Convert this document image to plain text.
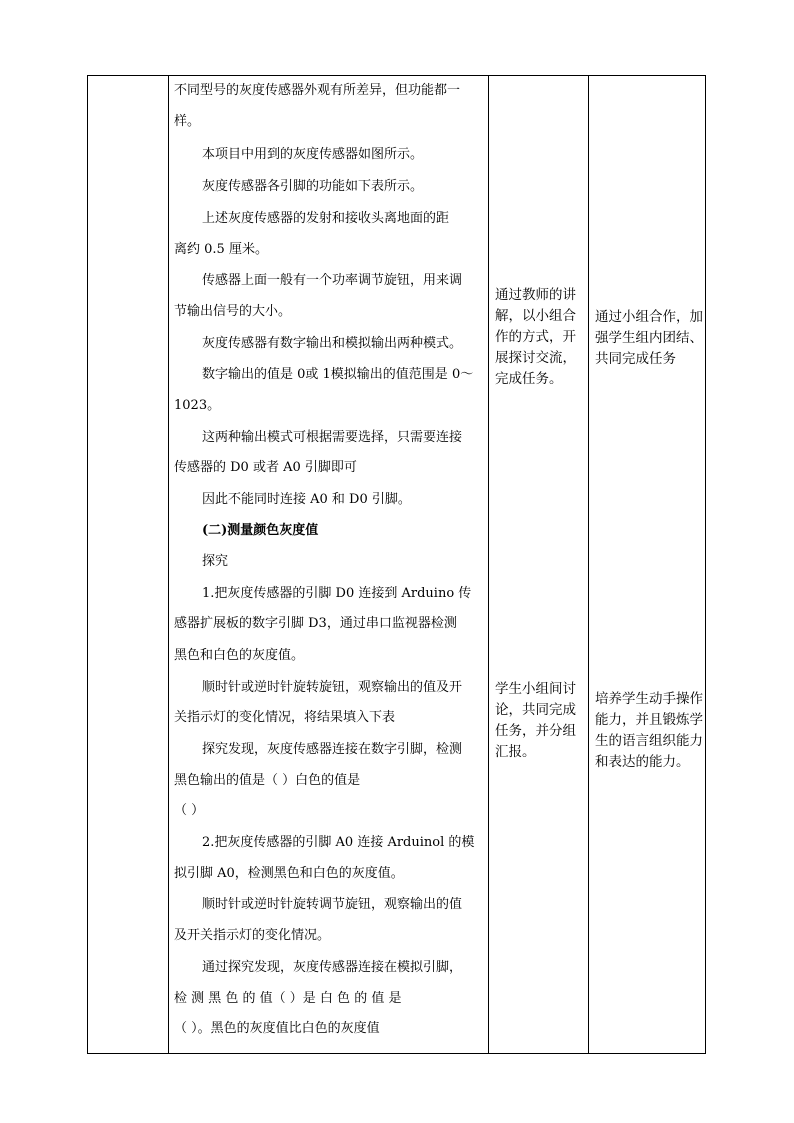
不同型号的灰度传感器外观有所差异，但功能都一
样。
本项目中用到的灰度传感器如图所示。
灰度传感器各引脚的功能如下表所示。
上述灰度传感器的发射和接收头离地面的距
离约 0.5 厘米。
传感器上面一般有一个功率调节旋钮，用来调
节输出信号的大小。
灰度传感器有数字输出和模拟输出两种模式。
数字输出的值是 0或 1模拟输出的值范围是 0～
1023。
这两种输出模式可根据需要选择，只需要连接
传感器的 D0 或者 A0 引脚即可
因此不能同时连接 A0 和 D0 引脚。
(二)测量颜色灰度值
探究
1.把灰度传感器的引脚 D0 连接到 Arduino 传
感器扩展板的数字引脚 D3，通过串口监视器检测
黑色和白色的灰度值。
顺时针或逆时针旋转旋钮，观察输出的值及开
关指示灯的变化情况，将结果填入下表
探究发现，灰度传感器连接在数字引脚，检测
黑色输出的值是（ ）白色的值是
（ ）
2.把灰度传感器的引脚 A0 连接 Arduinol 的模
拟引脚 A0，检测黑色和白色的灰度值。
顺时针或逆时针旋转调节旋钮，观察输出的值
及开关指示灯的变化情况。
通过探究发现，灰度传感器连接在模拟引脚，
检 测 黑 色 的 值（ ）是 白 色 的 值 是
（ ）。黑色的灰度值比白色的灰度值
通过教师的讲解，以小组合作的方式，开展探讨交流，完成任务。
学生小组间讨论，共同完成任务，并分组汇报。
通过小组合作，加强学生组内团结、共同完成任务
培养学生动手操作能力，并且锻炼学生的语言组织能力和表达的能力。
